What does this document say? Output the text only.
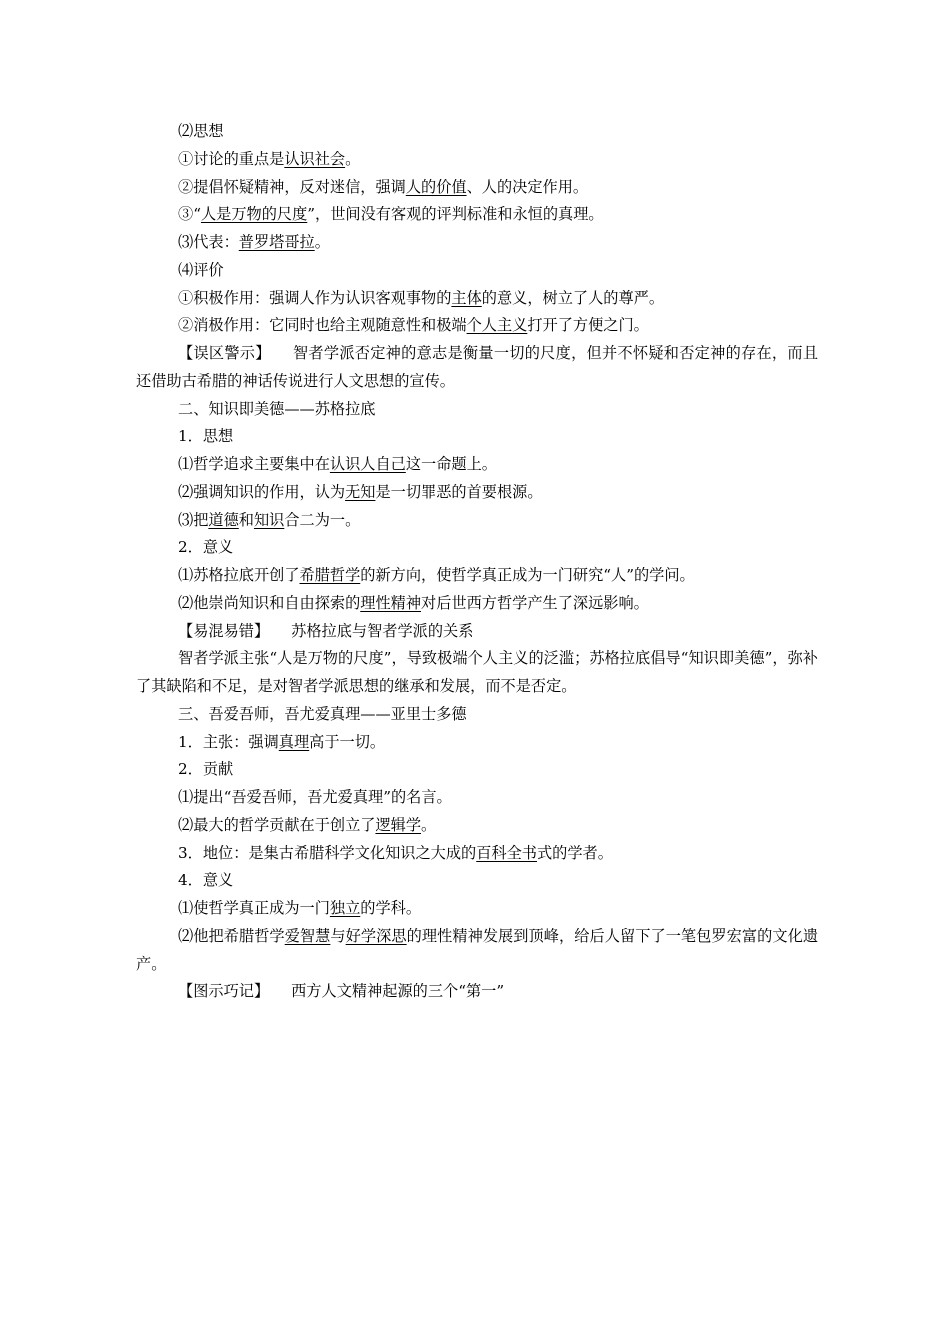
⑵思想
①讨论的重点是认识社会。
②提倡怀疑精神，反对迷信，强调人的价值、人的决定作用。
③“人是万物的尺度”，世间没有客观的评判标准和永恒的真理。
⑶代表：普罗塔哥拉。
⑷评价
①积极作用：强调人作为认识客观事物的主体的意义，树立了人的尊严。
②消极作用：它同时也给主观随意性和极端个人主义打开了方便之门。
【误区警示】 智者学派否定神的意志是衡量一切的尺度，但并不怀疑和否定神的存在，而且还借助古希腊的神话传说进行人文思想的宣传。
二、知识即美德——苏格拉底
1．思想
⑴哲学追求主要集中在认识人自己这一命题上。
⑵强调知识的作用，认为无知是一切罪恶的首要根源。
⑶把道德和知识合二为一。
2．意义
⑴苏格拉底开创了希腊哲学的新方向，使哲学真正成为一门研究“人”的学问。
⑵他崇尚知识和自由探索的理性精神对后世西方哲学产生了深远影响。
【易混易错】 苏格拉底与智者学派的关系
智者学派主张“人是万物的尺度”，导致极端个人主义的泛滥；苏格拉底倡导“知识即美德”，弥补了其缺陷和不足，是对智者学派思想的继承和发展，而不是否定。
三、吾爱吾师，吾尤爱真理——亚里士多德
1．主张：强调真理高于一切。
2．贡献
⑴提出“吾爱吾师，吾尤爱真理”的名言。
⑵最大的哲学贡献在于创立了逻辑学。
3．地位：是集古希腊科学文化知识之大成的百科全书式的学者。
4．意义
⑴使哲学真正成为一门独立的学科。
⑵他把希腊哲学爱智慧与好学深思的理性精神发展到顶峰，给后人留下了一笔包罗宏富的文化遗产。
【图示巧记】 西方人文精神起源的三个“第一”
